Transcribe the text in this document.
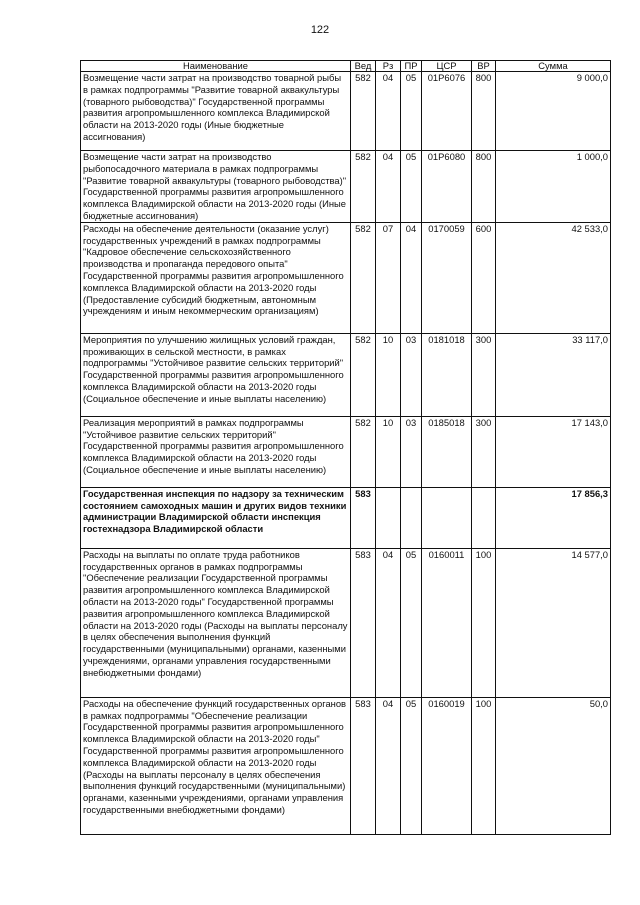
122
Наименование	Вед	Рз	ПР	ЦСР	ВР	Сумма
Возмещение части затрат на производство товарной рыбы в рамках подпрограммы "Развитие товарной аквакультуры (товарного рыбоводства)" Государственной программы развития агропромышленного комплекса Владимирской области на 2013-2020 годы (Иные бюджетные ассигнования)	582	04	05	01Р6076	800	9 000,0
Возмещение части затрат на производство рыбопосадочного материала в рамках подпрограммы "Развитие товарной аквакультуры (товарного рыбоводства)" Государственной программы развития агропромышленного комплекса Владимирской области на 2013-2020 годы (Иные бюджетные ассигнования)	582	04	05	01Р6080	800	1 000,0
Расходы на обеспечение деятельности (оказание услуг) государственных учреждений в рамках подпрограммы "Кадровое обеспечение сельскохозяйственного производства и пропаганда передового опыта" Государственной программы развития агропромышленного комплекса Владимирской области на 2013-2020 годы (Предоставление субсидий бюджетным, автономным учреждениям и иным некоммерческим организациям)	582	07	04	0170059	600	42 533,0
Мероприятия по улучшению жилищных условий граждан, проживающих в сельской местности, в рамках подпрограммы "Устойчивое развитие сельских территорий" Государственной программы развития агропромышленного комплекса Владимирской области на 2013-2020 годы (Социальное обеспечение и иные выплаты населению)	582	10	03	0181018	300	33 117,0
Реализация мероприятий в рамках подпрограммы "Устойчивое развитие сельских территорий" Государственной программы развития агропромышленного комплекса Владимирской области на 2013-2020 годы (Социальное обеспечение и иные выплаты населению)	582	10	03	0185018	300	17 143,0
Государственная инспекция по надзору за техническим состоянием самоходных машин и других видов техники администрации Владимирской области инспекция гостехнадзора Владимирской области	583					17 856,3
Расходы на выплаты по оплате труда работников государственных органов в рамках подпрограммы "Обеспечение реализации Государственной программы развития агропромышленного комплекса Владимирской области на 2013-2020 годы" Государственной программы развития агропромышленного комплекса Владимирской области на 2013-2020 годы (Расходы на выплаты персоналу в целях обеспечения выполнения функций государственными (муниципальными) органами, казенными учреждениями, органами управления государственными внебюджетными фондами)	583	04	05	0160011	100	14 577,0
Расходы на обеспечение функций государственных органов в рамках подпрограммы "Обеспечение реализации Государственной программы развития агропромышленного комплекса Владимирской области на 2013-2020 годы" Государственной программы развития агропромышленного комплекса Владимирской области на 2013-2020 годы (Расходы на выплаты персоналу в целях обеспечения выполнения функций государственными (муниципальными) органами, казенными учреждениями, органами управления государственными внебюджетными фондами)	583	04	05	0160019	100	50,0
